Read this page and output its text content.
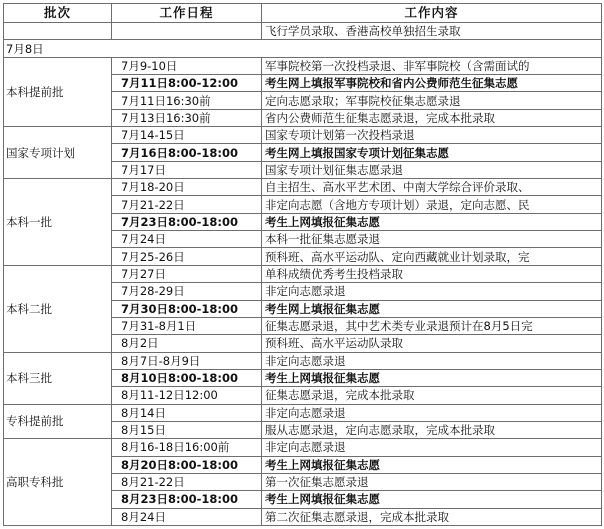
批次	工作日程	工作内容
		飞行学员录取、香港高校单独招生录取
7月8日		
本科提前批	7月9-10日	军事院校第一次投档录退、非军事院校（含需面试的
	7月11日8:00-12:00	考生网上填报军事院校和省内公费师范生征集志愿
	7月11日16:30前	定向志愿录取；军事院校征集志愿录退
	7月13日16:30前	省内公费师范生征集志愿录退，完成本批录取
国家专项计划	7月14-15日	国家专项计划第一次投档录退
	7月16日8:00-18:00	考生网上填报国家专项计划征集志愿
	7月17日	国家专项计划征集志愿录退
本科一批	7月18-20日	自主招生、高水平艺术团、中南大学综合评价录取、
	7月21-22日	非定向志愿（含地方专项计划）录退，定向志愿、民
	7月23日8:00-18:00	考生上网填报征集志愿
	7月24日	本科一批征集志愿录退
	7月25-26日	预科班、高水平运动队、定向西藏就业计划录取，完
本科二批	7月27日	单科成绩优秀考生投档录取
	7月28-29日	非定向志愿录退
	7月30日8:00-18:00	考生网上填报征集志愿
	7月31-8月1日	征集志愿录退，其中艺术类专业录退预计在8月5日完
	8月2日	预科班、高水平运动队录取
本科三批	8月7日-8月9日	非定向志愿录退
	8月10日8:00-18:00	考生上网填报征集志愿
	8月11-12日12:00	征集志愿录退，完成本批录取
专科提前批	8月14日	非定向志愿录退
	8月15日	服从志愿录退，定向志愿录取，完成本批录取
高职专科批	8月16-18日16:00前	非定向志愿录退
	8月20日8:00-18:00	考生上网填报征集志愿
	8月21-22日	第一次征集志愿录退
	8月23日8:00-18:00	考生上网填报征集志愿
	8月24日	第二次征集志愿录退，完成本批录取
